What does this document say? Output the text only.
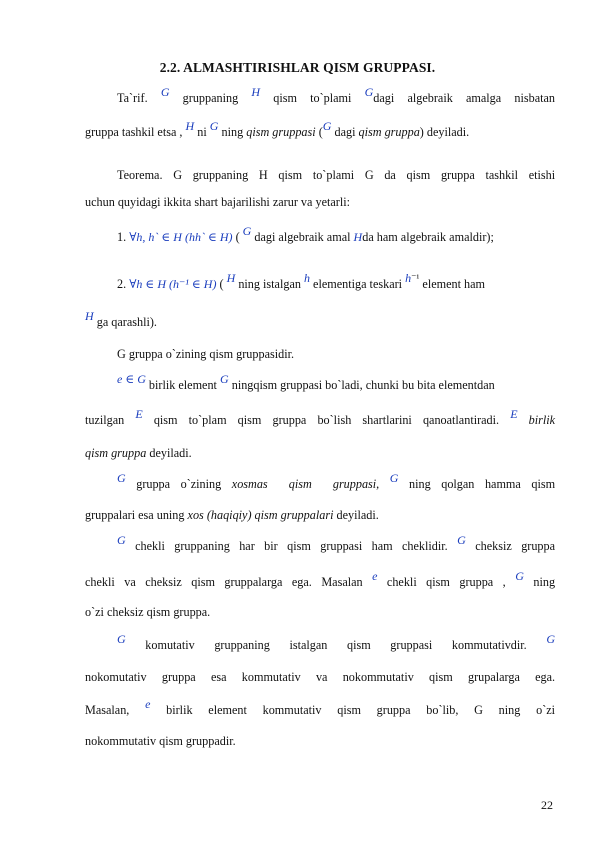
2.2. ALMASHTIRISHLAR QISM GRUPPASI.
Ta`rif. G gruppaning H qism to`plami Gdagi algebraik amalga nisbatan
gruppa tashkil etsa , H ni G ning qism gruppasi (G dagi qism gruppa) deyiladi.
Teorema. G gruppaning H qism to`plami G da qism gruppa tashkil etishi
uchun quyidagi ikkita shart bajarilishi zarur va yetarli:
1. ∀h, h` ∈ H (hh` ∈ H) ( G dagi algebraik amal Hda ham algebraik amaldir);
2. ∀h ∈ H (h⁻¹ ∈ H) ( H ning istalgan h elementiga teskari $h^{^{-1}}$ element ham
H ga qarashli).
G gruppa o`zining qism gruppasidir.
e ∈ G birlik element G ningqism gruppasi bo`ladi, chunki bu bita elementdan
tuzilgan E qism to`plam qism gruppa bo`lish shartlarini qanoatlantiradi. E birlik
qism gruppa deyiladi.
G gruppa o`zining xosmas  qism  gruppasi, G ning qolgan hamma qism
gruppalari esa uning xos (haqiqiy) qism gruppalari deyiladi.
G chekli gruppaning har bir qism gruppasi ham cheklidir. G cheksiz gruppa
chekli va cheksiz qism gruppalarga ega. Masalan e chekli qism gruppa , G ning
o`zi cheksiz qism gruppa.
G komutativ gruppaning istalgan qism gruppasi kommutativdir. G
nokomutativ gruppa esa kommutativ va nokommutativ qism grupalarga ega.
Masalan, e birlik element kommutativ qism gruppa bo`lib, G ning o`zi
nokommutativ qism gruppadir.
22
